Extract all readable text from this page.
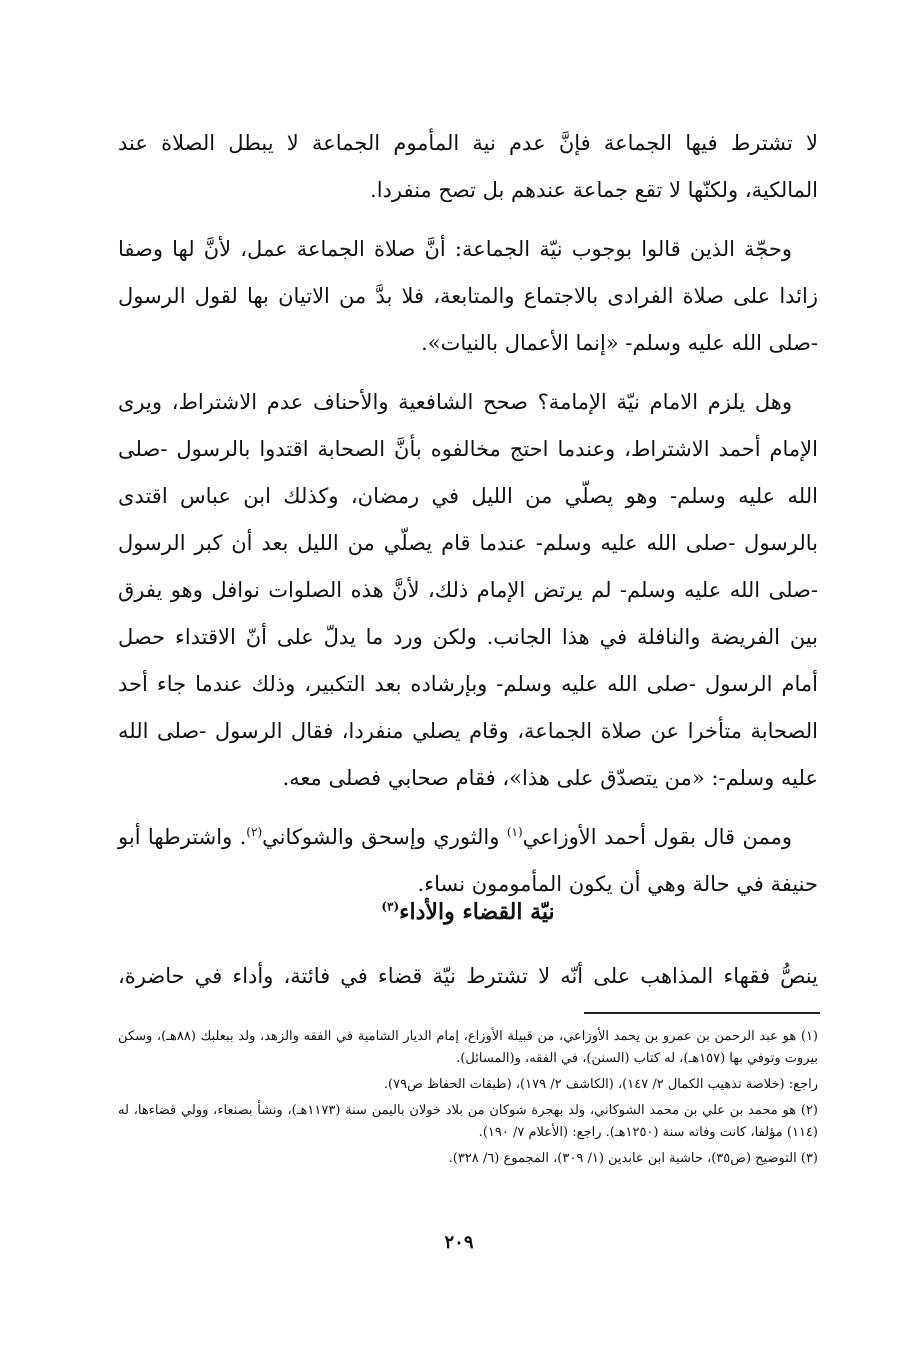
لا تشترط فيها الجماعة فإنَّ عدم نية المأموم الجماعة لا يبطل الصلاة عند المالكية، ولكنّها لا تقع جماعة عندهم بل تصح منفردا.

وحجّة الذين قالوا بوجوب نيّة الجماعة: أنَّ صلاة الجماعة عمل، لأنَّ لها وصفا زائدا على صلاة الفرادى بالاجتماع والمتابعة، فلا بدَّ من الاتيان بها لقول الرسول -صلى الله عليه وسلم- «إنما الأعمال بالنيات».

وهل يلزم الامام نيّة الإمامة؟ صحح الشافعية والأحناف عدم الاشتراط، ويرى الإمام أحمد الاشتراط، وعندما احتج مخالفوه بأنَّ الصحابة اقتدوا بالرسول -صلى الله عليه وسلم- وهو يصلّي من الليل في رمضان، وكذلك ابن عباس اقتدى بالرسول -صلى الله عليه وسلم- عندما قام يصلّي من الليل بعد أن كبر الرسول -صلى الله عليه وسلم- لم يرتض الإمام ذلك، لأنَّ هذه الصلوات نوافل وهو يفرق بين الفريضة والنافلة في هذا الجانب. ولكن ورد ما يدلّ على أنّ الاقتداء حصل أمام الرسول -صلى الله عليه وسلم- وبإرشاده بعد التكبير، وذلك عندما جاء أحد الصحابة متأخرا عن صلاة الجماعة، وقام يصلي منفردا، فقال الرسول -صلى الله عليه وسلم-: «من يتصدّق على هذا»، فقام صحابي فصلى معه.

وممن قال بقول أحمد الأوزاعي$^{(١)}$ والثوري وإسحق والشوكاني$^{(٢)}$. واشترطها أبو حنيفة في حالة وهي أن يكون المأمومون نساء.

نيّة القضاء والأداء$^{(٣)}$
ينصُّ فقهاء المذاهب على أنّه لا تشترط نيّة قضاء في فائتة، وأداء في حاضرة،

(١) هو عبد الرحمن بن عمرو بن يحمد الأوزاعي، من قبيلة الأوزاع، إمام الديار الشامية في الفقه والزهد، ولد ببعلبك (٨٨هـ)، وسكن بيروت وتوفي بها (١٥٧هـ)، له كتاب (السنن)، في الفقه، و(المسائل).

راجع: (خلاصة تذهيب الكمال ٢/ ١٤٧)، (الكاشف ٢/ ١٧٩)، (طبقات الحفاظ ص٧٩).

(٢) هو محمد بن علي بن محمد الشوكاني، ولد بهجرة شوكان من بلاد خولان باليمن سنة (١١٧٣هـ)، ونشأ بصنعاء، وولي قضاءها، له (١١٤) مؤلفا، كانت وفاته سنة (١٢٥٠هـ). راجع: (الأعلام ٧/ ١٩٠).

(٣) التوضيح (ص٣٥)، حاشية ابن عابدين (١/ ٣٠٩)، المجموع (٦/ ٣٢٨).

٢٠٩
